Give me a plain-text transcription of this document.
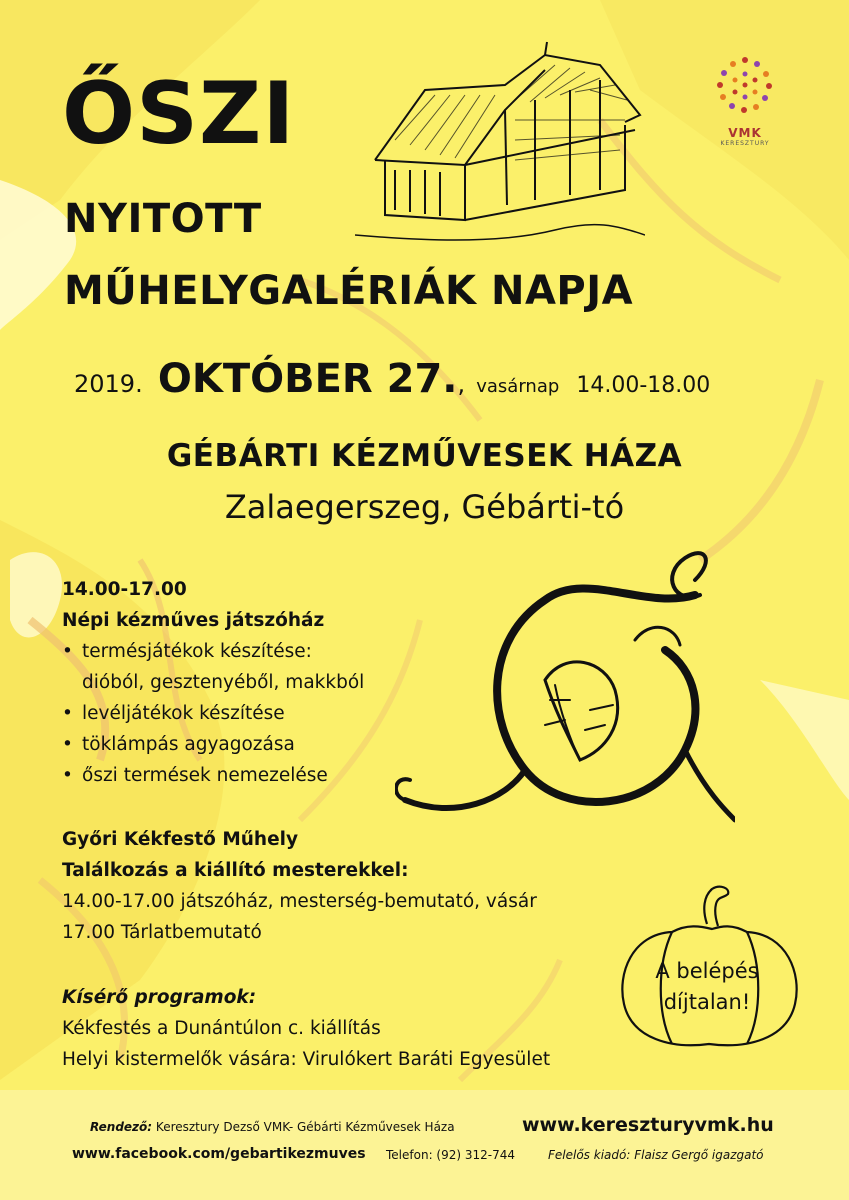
VMK
KERESZTURY
ŐSZI
NYITOTT
MŰHELYGALÉRIÁK NAPJA
2019. OKTÓBER 27., vasárnap 14.00-18.00
GÉBÁRTI KÉZMŰVESEK HÁZA
Zalaegerszeg, Gébárti-tó
14.00-17.00
Népi kézműves játszóház
• termésjátékok készítése:
dióból, gesztenyéből, makkból
• levéljátékok készítése
• töklámpás agyagozása
• őszi termések nemezelése
Győri Kékfestő Műhely
Találkozás a kiállító mesterekkel:
14.00-17.00 játszóház, mesterség-bemutató, vásár
17.00 Tárlatbemutató
Kísérő programok:
Kékfestés a Dunántúlon c. kiállítás
Helyi kistermelők vására: Virulókert Baráti Egyesület
A belépés
díjtalan!
Rendező: Keresztury Dezső VMK- Gébárti Kézművesek Háza	www.kereszturyvmk.hu
www.facebook.com/gebartikezmuves Telefon: (92) 312-744	Felelős kiadó: Flaisz Gergő igazgató
